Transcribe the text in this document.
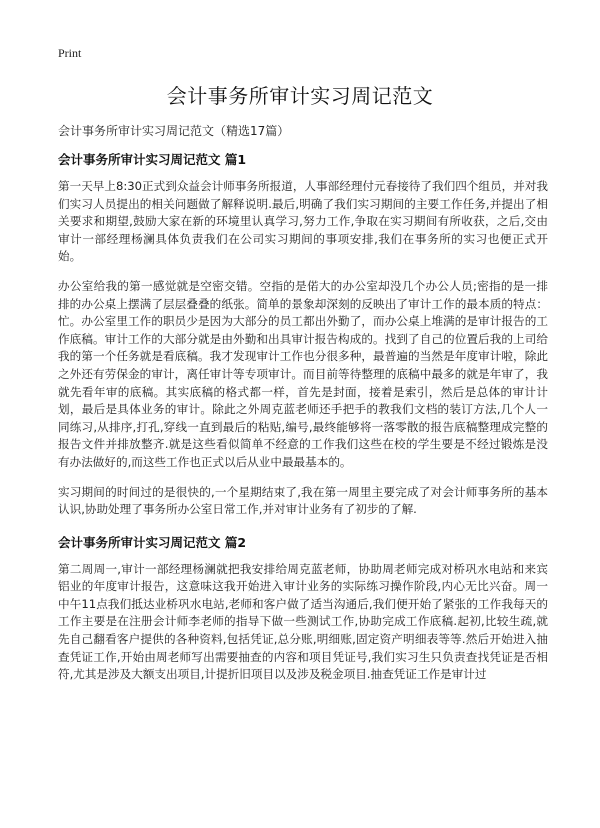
Print
会计事务所审计实习周记范文

会计事务所审计实习周记范文（精选17篇）

会计事务所审计实习周记范文 篇1

第一天早上8:30正式到众益会计师事务所报道，人事部经理付元春接待了我们四个组员，并对我们实习人员提出的相关问题做了解释说明.最后,明确了我们实习期间的主要工作任务,并提出了相关要求和期望,鼓励大家在新的环境里认真学习,努力工作,争取在实习期间有所收获，之后,交由审计一部经理杨澜具体负责我们在公司实习期间的事项安排,我们在事务所的实习也便正式开始。

办公室给我的第一感觉就是空密交错。空指的是偌大的办公室却没几个办公人员;密指的是一排排的办公桌上摆满了层层叠叠的纸张。简单的景象却深刻的反映出了审计工作的最本质的特点：忙。办公室里工作的职员少是因为大部分的员工都出外勤了，而办公桌上堆满的是审计报告的工作底稿。审计工作的大部分就是由外勤和出具审计报告构成的。找到了自己的位置后我的上司给我的第一个任务就是看底稿。我才发现审计工作也分很多种，最普遍的当然是年度审计啦，除此之外还有劳保金的审计，离任审计等专项审计。而目前等待整理的底稿中最多的就是年审了，我就先看年审的底稿。其实底稿的格式都一样，首先是封面，接着是索引，然后是总体的审计计划，最后是具体业务的审计。除此之外周克蓝老师还手把手的教我们文档的装订方法,几个人一同练习,从排序,打孔,穿线一直到最后的粘贴,编号,最终能够将一落零散的报告底稿整理成完整的报告文件并排放整齐.就是这些看似简单不经意的工作我们这些在校的学生要是不经过锻炼是没有办法做好的,而这些工作也正式以后从业中最最基本的。

实习期间的时间过的是很快的,一个星期结束了,我在第一周里主要完成了对会计师事务所的基本认识,协助处理了事务所办公室日常工作,并对审计业务有了初步的了解.

会计事务所审计实习周记范文 篇2

第二周周一,审计一部经理杨澜就把我安排给周克蓝老师，协助周老师完成对桥巩水电站和来宾铝业的年度审计报告，这意味这我开始进入审计业务的实际练习操作阶段,内心无比兴奋。周一中午11点我们抵达业桥巩水电站,老师和客户做了适当沟通后,我们便开始了紧张的工作我每天的工作主要是在注册会计师李老师的指导下做一些测试工作,协助完成工作底稿.起初,比较生疏,就先自己翻看客户提供的各种资料,包括凭证,总分账,明细账,固定资产明细表等等.然后开始进入抽查凭证工作,开始由周老师写出需要抽查的内容和项目凭证号,我们实习生只负责查找凭证是否相符,尤其是涉及大额支出项目,计提折旧项目以及涉及税金项目.抽查凭证工作是审计过
